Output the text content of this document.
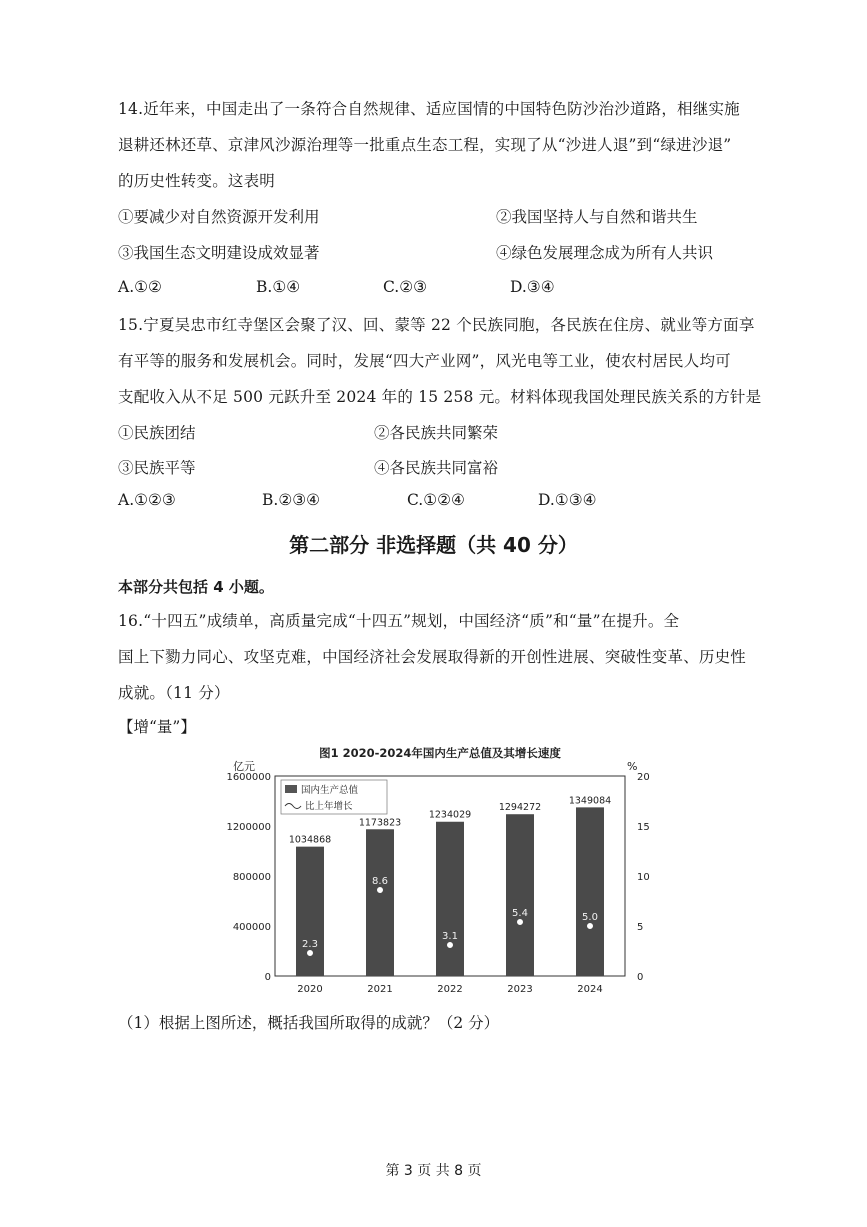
14.近年来，中国走出了一条符合自然规律、适应国情的中国特色防沙治沙道路，相继实施
退耕还林还草、京津风沙源治理等一批重点生态工程，实现了从“沙进人退”到“绿进沙退”
的历史性转变。这表明
①要减少对自然资源开发利用	②我国坚持人与自然和谐共生
③我国生态文明建设成效显著	④绿色发展理念成为所有人共识
A.①②	B.①④	C.②③	D.③④
15.宁夏吴忠市红寺堡区会聚了汉、回、蒙等 22 个民族同胞，各民族在住房、就业等方面享
有平等的服务和发展机会。同时，发展“四大产业网”，风光电等工业，使农村居民人均可
支配收入从不足 500 元跃升至 2024 年的 15 258 元。材料体现我国处理民族关系的方针是
①民族团结	②各民族共同繁荣
③民族平等	④各民族共同富裕
A.①②③	B.②③④	C.①②④	D.①③④
第二部分 非选择题（共 40 分）
本部分共包括 4 小题。
16.“十四五”成绩单，高质量完成“十四五”规划，中国经济“质”和“量”在提升。全
国上下勠力同心、攻坚克难，中国经济社会发展取得新的开创性进展、突破性变革、历史性
成就。（11 分）
【增“量”】
图1 2020-2024年国内生产总值及其增长速度
亿元	%
1600000
1200000
800000
400000
0
20
15
10
5
0
1034868
2.3
1173823
8.6
1234029
3.1
1294272
5.4
1349084
5.0
2020	2021	2022	2023	2024
国内生产总值
比上年增长
（1）根据上图所述，概括我国所取得的成就？（2 分）
第 3 页 共 8 页
